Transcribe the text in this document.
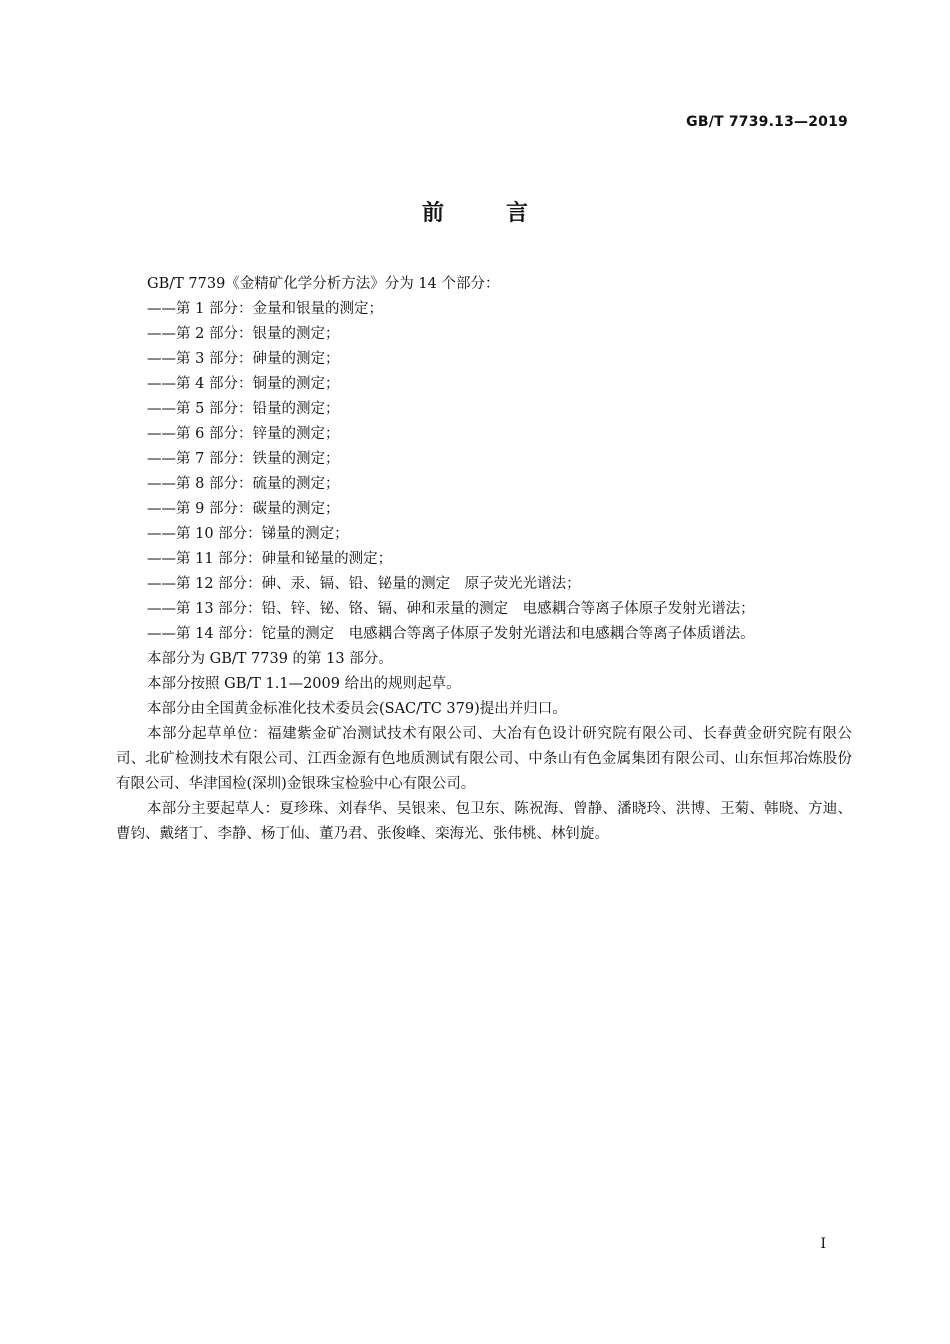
GB/T 7739.13—2019
前言

GB/T 7739《金精矿化学分析方法》分为 14 个部分：

——第 1 部分：金量和银量的测定；

——第 2 部分：银量的测定；

——第 3 部分：砷量的测定；

——第 4 部分：铜量的测定；

——第 5 部分：铅量的测定；

——第 6 部分：锌量的测定；

——第 7 部分：铁量的测定；

——第 8 部分：硫量的测定；

——第 9 部分：碳量的测定；

——第 10 部分：锑量的测定；

——第 11 部分：砷量和铋量的测定；

——第 12 部分：砷、汞、镉、铅、铋量的测定　原子荧光光谱法；

——第 13 部分：铅、锌、铋、铬、镉、砷和汞量的测定　电感耦合等离子体原子发射光谱法；

——第 14 部分：铊量的测定　电感耦合等离子体原子发射光谱法和电感耦合等离子体质谱法。

本部分为 GB/T 7739 的第 13 部分。

本部分按照 GB/T 1.1—2009 给出的规则起草。

本部分由全国黄金标准化技术委员会(SAC/TC 379)提出并归口。

本部分起草单位：福建紫金矿冶测试技术有限公司、大冶有色设计研究院有限公司、长春黄金研究院有限公司、北矿检测技术有限公司、江西金源有色地质测试有限公司、中条山有色金属集团有限公司、山东恒邦冶炼股份有限公司、华津国检(深圳)金银珠宝检验中心有限公司。

本部分主要起草人：夏珍珠、刘春华、吴银来、包卫东、陈祝海、曾静、潘晓玲、洪博、王菊、韩晓、方迪、曹钧、戴绪丁、李静、杨丁仙、董乃君、张俊峰、栾海光、张伟桃、林钊旋。

I
